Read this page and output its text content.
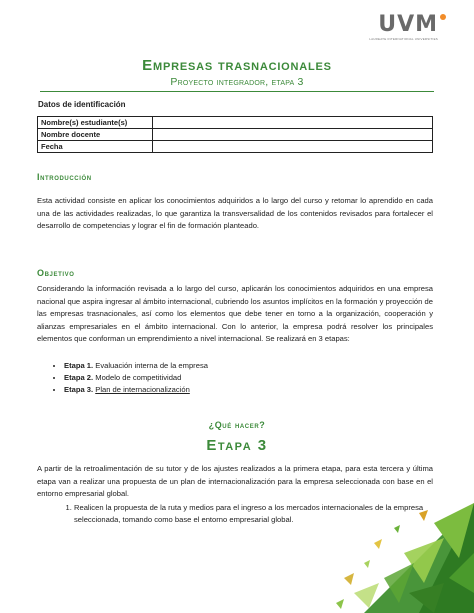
UVM
LAUREATE INTERNATIONAL UNIVERSITIES
Empresas trasnacionales
Proyecto integrador, etapa 3
Datos de identificación
Nombre(s) estudiante(s)	
Nombre docente	
Fecha	
Introducción
Esta actividad consiste en aplicar los conocimientos adquiridos a lo largo del curso y retomar lo aprendido en cada una de las actividades realizadas, lo que garantiza la transversalidad de los contenidos revisados para fortalecer el desarrollo de competencias y lograr el fin de formación planteado.
Objetivo
Considerando la información revisada a lo largo del curso, aplicarán los conocimientos adquiridos en una empresa nacional que aspira ingresar al ámbito internacional, cubriendo los asuntos implícitos en la formación y proyección de las empresas trasnacionales, así como los elementos que debe tener en torno a la organización, cooperación y alianzas empresariales en el ámbito internacional. Con lo anterior, la empresa podrá resolver los principales elementos que conforman un emprendimiento a nivel internacional. Se realizará en 3 etapas:
• Etapa 1. Evaluación interna de la empresa
• Etapa 2. Modelo de competitividad
• Etapa 3. Plan de internacionalización
¿Qué hacer?
Etapa 3
A partir de la retroalimentación de su tutor y de los ajustes realizados a la primera etapa, para esta tercera y última etapa van a realizar una propuesta de un plan de internacionalización para la empresa seleccionada con base en el entorno empresarial global.
1. Realicen la propuesta de la ruta y medios para el ingreso a los mercados internacionales de la empresa seleccionada, tomando como base el entorno empresarial global.
